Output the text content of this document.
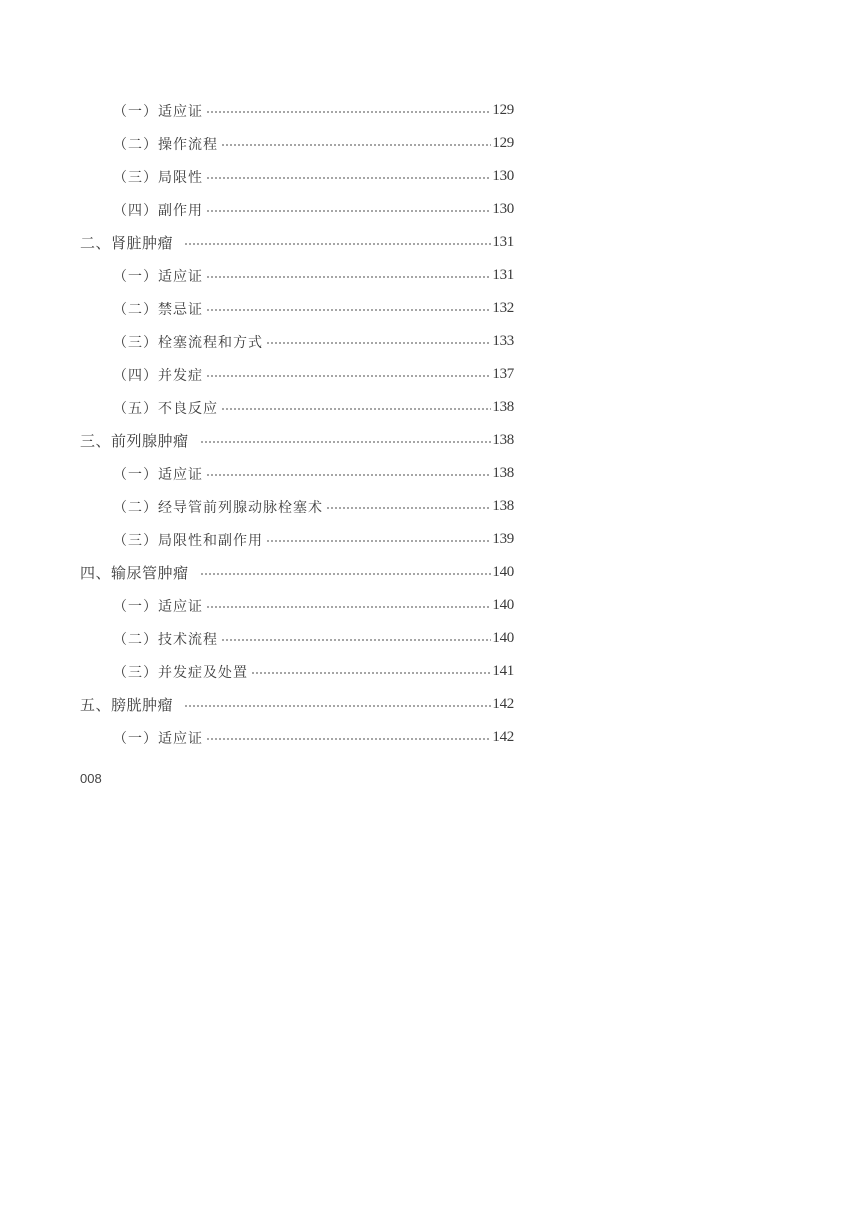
（一）适应证	129
（二）操作流程	129
（三）局限性	130
（四）副作用	130
二、肾脏肿瘤	131
（一）适应证	131
（二）禁忌证	132
（三）栓塞流程和方式	133
（四）并发症	137
（五）不良反应	138
三、前列腺肿瘤	138
（一）适应证	138
（二）经导管前列腺动脉栓塞术	138
（三）局限性和副作用	139
四、输尿管肿瘤	140
（一）适应证	140
（二）技术流程	140
（三）并发症及处置	141
五、膀胱肿瘤	142
（一）适应证	142
008
